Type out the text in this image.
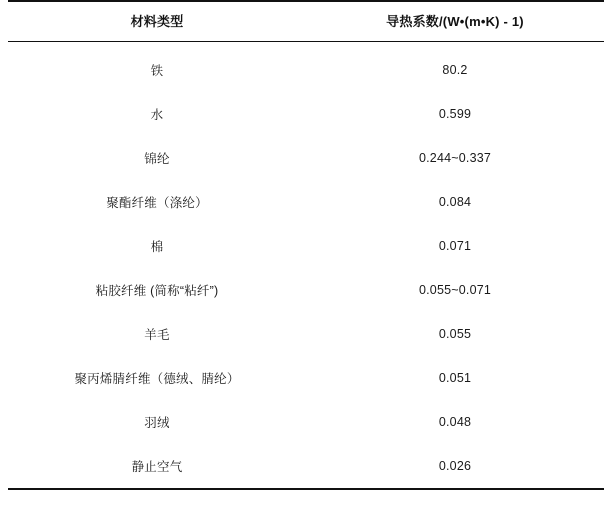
材料类型	导热系数/(W•(m•K) - 1)
铁	80.2
水	0.599
锦纶	0.244~0.337
聚酯纤维（涤纶）	0.084
棉	0.071
粘胶纤维 (简称“粘纤”)	0.055~0.071
羊毛	0.055
聚丙烯腈纤维（德绒、腈纶）	0.051
羽绒	0.048
静止空气	0.026
